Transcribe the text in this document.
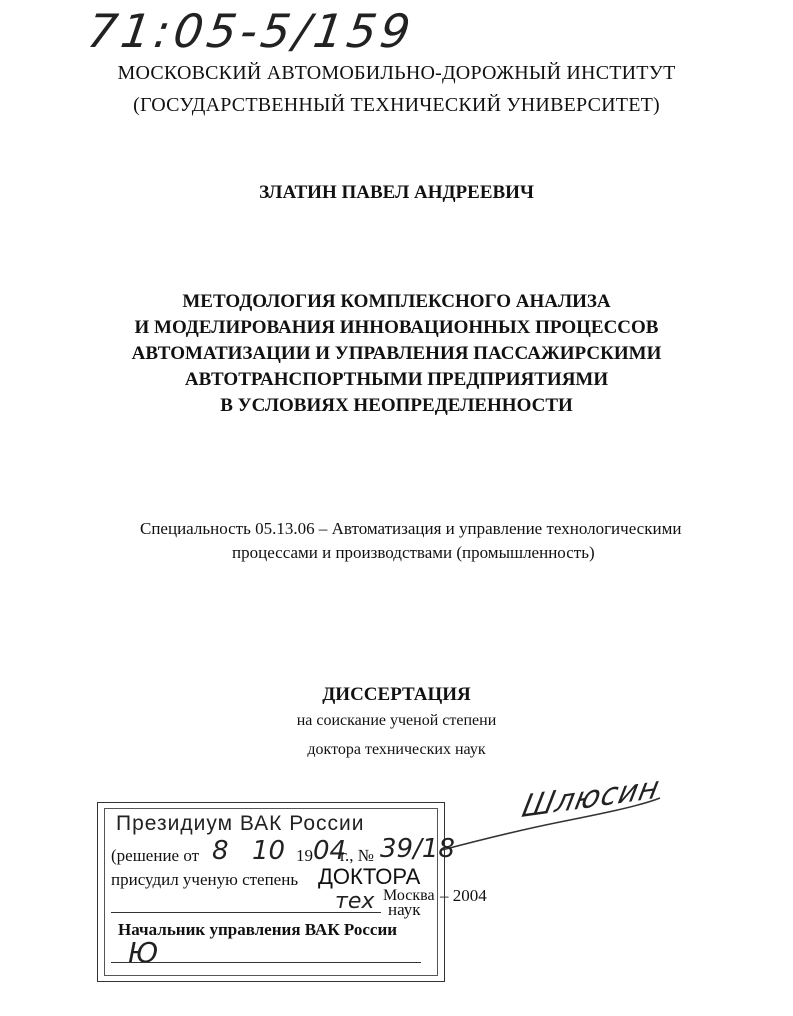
71:05-5/159
МОСКОВСКИЙ АВТОМОБИЛЬНО-ДОРОЖНЫЙ ИНСТИТУТ
(ГОСУДАРСТВЕННЫЙ ТЕХНИЧЕСКИЙ УНИВЕРСИТЕТ)
ЗЛАТИН ПАВЕЛ АНДРЕЕВИЧ
МЕТОДОЛОГИЯ КОМПЛЕКСНОГО АНАЛИЗА
И МОДЕЛИРОВАНИЯ ИННОВАЦИОННЫХ ПРОЦЕССОВ
АВТОМАТИЗАЦИИ И УПРАВЛЕНИЯ ПАССАЖИРСКИМИ
АВТОТРАНСПОРТНЫМИ ПРЕДПРИЯТИЯМИ
В УСЛОВИЯХ НЕОПРЕДЕЛЕННОСТИ
Специальность 05.13.06 – Автоматизация и управление технологическими
процессами и производствами (промышленность)
ДИССЕРТАЦИЯ
на соискание ученой степени
доктора технических наук
Москва – 2004
Шлюсин
Президиум ВАК России
(решение от 8 10 19 04
г., № 39/18
присудил ученую степень ДОКТОРА
тех наук
Начальник управления ВАК России
Ю
